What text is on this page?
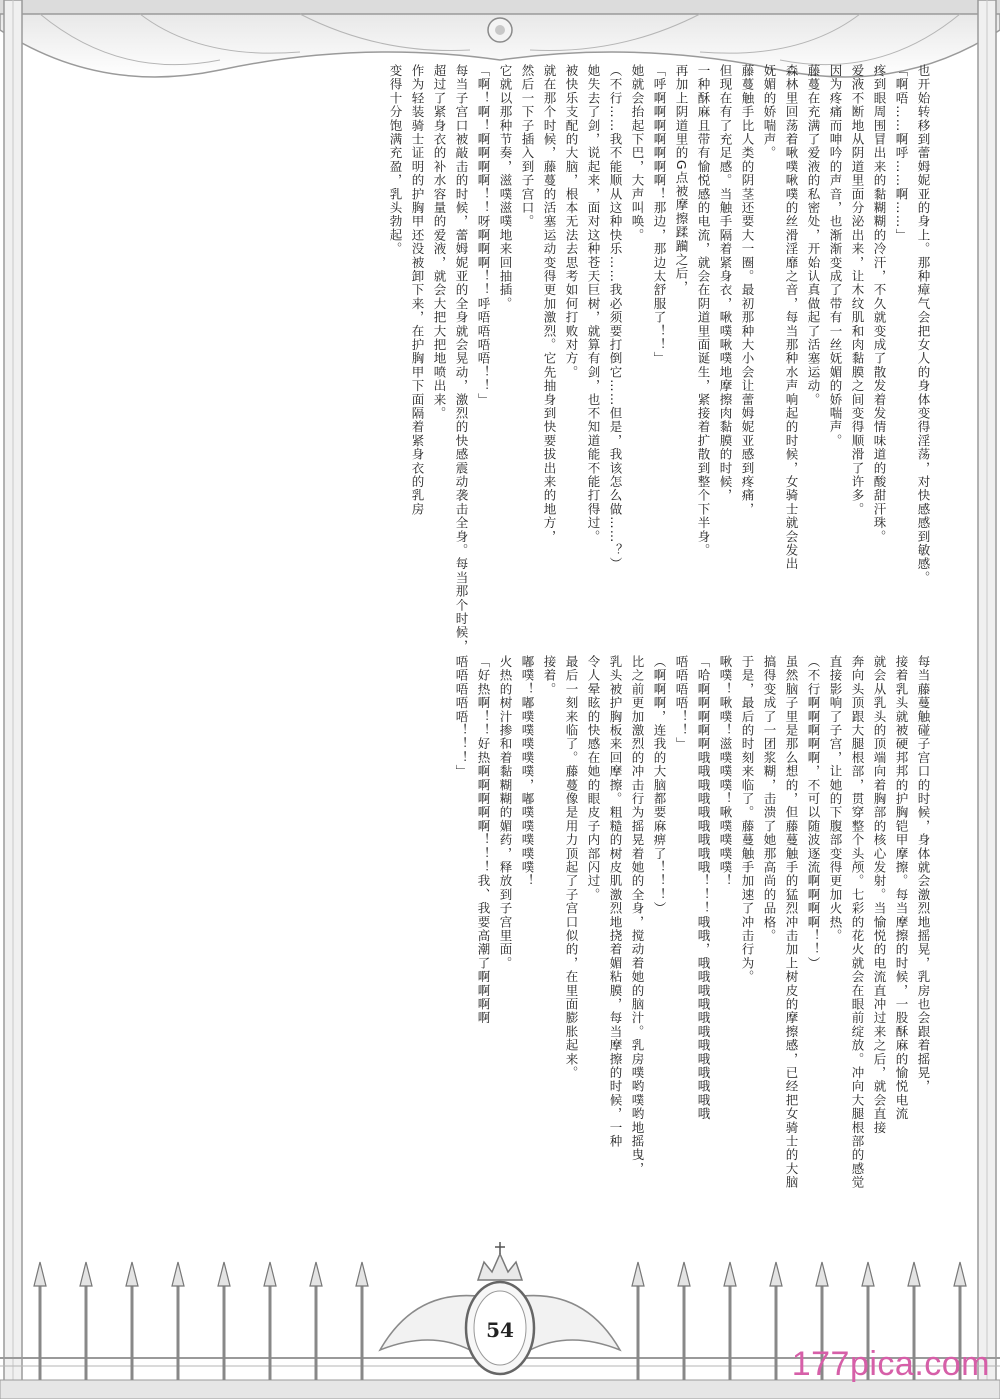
也开始转移到蕾姆妮亚的身上。那种瘴气会把女人的身体变得淫荡，对快感感到敏感。
「啊唔……啊呼……啊……」
疼到眼周围冒出来的黏糊糊的冷汗，不久就变成了散发着发情味道的酸甜汗珠。
爱液不断地从阴道里面分泌出来，让木纹肌和肉黏膜之间变得顺滑了许多。
因为疼痛而呻吟的声音，也渐渐变成了带有一丝妩媚的娇喘声。
藤蔓在充满了爱液的私密处，开始认真做起了活塞运动。
森林里回荡着啾噗啾噗的丝滑淫靡之音，每当那种水声响起的时候，女骑士就会发出
妩媚的娇喘声。
藤蔓触手比人类的阴茎还要大一圈。最初那种大小会让蕾姆妮亚感到疼痛，
但现在有了充足感。当触手隔着紧身衣，啾噗啾噗地摩擦肉黏膜的时候，
一种酥麻且带有愉悦感的电流，就会在阴道里面诞生，紧接着扩散到整个下半身。
再加上阴道里的G点被摩擦蹂躏之后，
「呼啊啊啊啊啊啊啊！那边，那边太舒服了！！」
她就会抬起下巴，大声叫唤。
（不行……我不能顺从这种快乐……我必须要打倒它……但是，我该怎么做……？）
她失去了剑，说起来，面对这种苍天巨树，就算有剑，也不知道能不能打得过。
被快乐支配的大脑，根本无法去思考如何打败对方。
就在那个时候，藤蔓的活塞运动变得更加激烈。它先抽身到快要拔出来的地方，
然后一下子插入到子宫口。
它就以那种节奏，滋噗滋噗地来回抽插。
「啊！啊！啊啊啊啊！！呀啊啊啊！！呼唔唔唔唔！！」
每当子宫口被敲击的时候，蕾姆妮亚的全身就会晃动，激烈的快感震动袭击全身。每当那个时候，
超过了紧身衣的补水容量的爱液，就会大把大把地喷出来。
作为轻装骑士证明的护胸甲还没被卸下来，在护胸甲下面隔着紧身衣的乳房
变得十分饱满充盈，乳头勃起。
每当藤蔓触碰子宫口的时候，身体就会激烈地摇晃，乳房也会跟着摇晃，
接着乳头就被硬邦邦的护胸铠甲摩擦。每当摩擦的时候，一股酥麻的愉悦电流
就会从乳头的顶端向着胸部的核心发射。当愉悦的电流直冲过来之后，就会直接
奔向头顶跟大腿根部，贯穿整个头颅。七彩的花火就会在眼前绽放。冲向大腿根部的感觉
直接影响了子宫，让她的下腹部变得更加火热。
（不行啊啊啊啊啊，不可以随波逐流啊啊啊啊！！）
虽然脑子里是那么想的，但藤蔓触手的猛烈冲击加上树皮的摩擦感，已经把女骑士的大脑
搞得变成了一团浆糊，击溃了她那高尚的品格。
于是，最后的时刻来临了。藤蔓触手加速了冲击行为。
啾噗！啾噗！滋噗噗噗！啾噗噗噗噗！
「哈啊啊啊啊啊哦哦哦哦哦哦哦哦哦！！！哦哦，哦哦哦哦哦哦哦哦哦哦哦哦
唔唔唔唔！！」
（啊啊啊，连我的大脑都要麻痹了！！！）
比之前更加激烈的冲击行为摇晃着她的全身，搅动着她的脑汁。乳房噗哟噗哟地摇曳，
乳头被护胸板来回摩擦。粗糙的树皮肌激烈地挠着媚粘膜，每当摩擦的时候，一种
令人晕眩的快感在她的眼皮子内部闪过。
最后一刻来临了。藤蔓像是用力顶起了子宫口似的，在里面膨胀起来。
接着。
嘟噗！嘟噗噗噗噗噗，嘟噗噗噗噗噗！
火热的树汁掺和着黏糊糊的媚药，释放到子宫里面。
「好热啊！！好热啊啊啊啊啊！！！我、我要高潮了啊啊啊啊
唔唔唔唔唔！！！」
54
177pica.com
